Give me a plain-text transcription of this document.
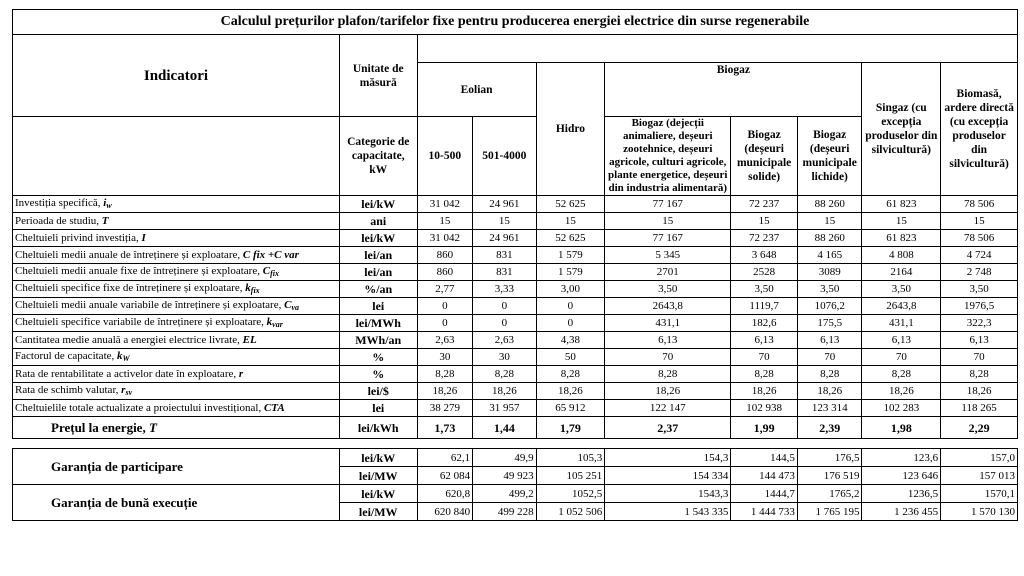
Calculul prețurilor plafon/tarifelor fixe pentru producerea energiei electrice din surse regenerabile									
Indicatori	Unitate de măsură								
		Eolian		Hidro	Biogaz			Singaz (cu excepția produselor din silvicultură)	Biomasă, ardere directă (cu excepția produselor din silvicultură)
	Categorie de capacitate, kW				Biogaz (dejecții animaliere, deșeuri zootehnice, deșeuri agricole, culturi agricole, plante energetice, deșeuri din industria alimentară)	Biogaz (deșeuri municipale solide)	Biogaz (deșeuri municipale lichide)		
		10-500	501-4000						
Investiția specifică, $i_w$	lei/kW	31 042	24 961	52 625	77 167	72 237	88 260	61 823	78 506
Perioada de studiu, T	ani	15	15	15	15	15	15	15	15
Cheltuieli privind investiția, I	lei/kW	31 042	24 961	52 625	77 167	72 237	88 260	61 823	78 506
Cheltuieli medii anuale de întreținere și exploatare, C fix +C var	lei/an	860	831	1 579	5 345	3 648	4 165	4 808	4 724
Cheltuieli medii anuale fixe de întreținere și exploatare, $C_{fix}$	lei/an	860	831	1 579	2701	2528	3089	2164	2 748
Cheltuieli specifice fixe de întreținere și exploatare, $k_{fix}$	%/an	2,77	3,33	3,00	3,50	3,50	3,50	3,50	3,50
Cheltuieli medii anuale variabile de întreținere și exploatare, $C_{va}$	lei	0	0	0	2643,8	1119,7	1076,2	2643,8	1976,5
Cheltuieli specifice variabile de întreținere și exploatare, $k_{var}$	lei/MWh	0	0	0	431,1	182,6	175,5	431,1	322,3
Cantitatea medie anuală a energiei electrice livrate, EL	MWh/an	2,63	2,63	4,38	6,13	6,13	6,13	6,13	6,13
Factorul de capacitate, $k_W$	%	30	30	50	70	70	70	70	70
Rata de rentabilitate a activelor date în exploatare, r	%	8,28	8,28	8,28	8,28	8,28	8,28	8,28	8,28
Rata de schimb valutar, $r_{sv}$	lei/$	18,26	18,26	18,26	18,26	18,26	18,26	18,26	18,26
Cheltuielile totale actualizate a proiectului investițional, CTA	lei	38 279	31 957	65 912	122 147	102 938	123 314	102 283	118 265
Prețul la energie, T	lei/kWh	1,73	1,44	1,79	2,37	1,99	2,39	1,98	2,29

Garanția de participare	lei/kW	62,1	49,9	105,3	154,3	144,5	176,5	123,6	157,0
	lei/MW	62 084	49 923	105 251	154 334	144 473	176 519	123 646	157 013
Garanția de bună execuție	lei/kW	620,8	499,2	1052,5	1543,3	1444,7	1765,2	1236,5	1570,1
	lei/MW	620 840	499 228	1 052 506	1 543 335	1 444 733	1 765 195	1 236 455	1 570 130
